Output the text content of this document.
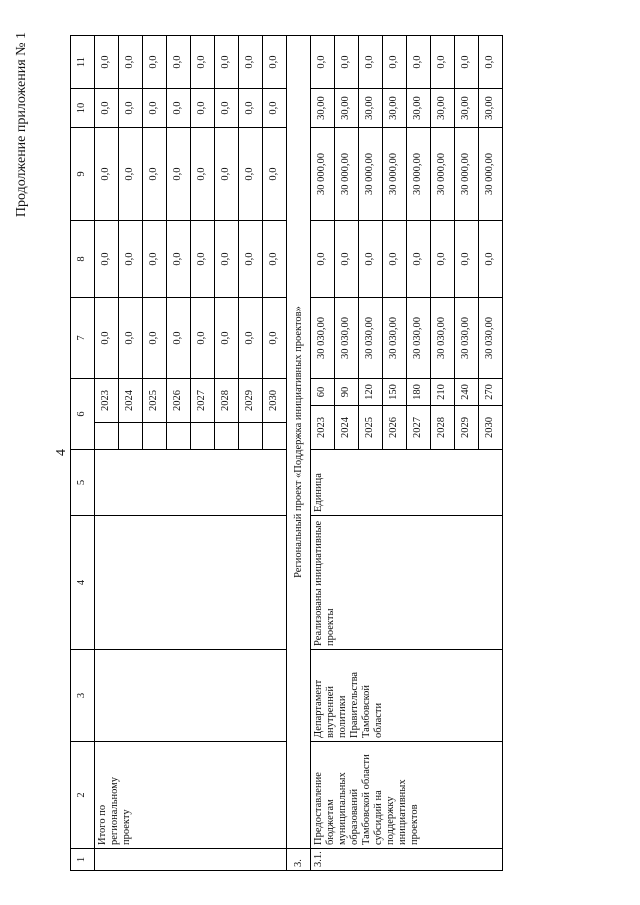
4
Продолжение приложения № 1
1
2
3
4
5
6
7
8
9
10
11
Итого по региональному проекту
2023
0,0
0,0
0,0
0,0
0,0
2024
0,0
0,0
0,0
0,0
0,0
2025
0,0
0,0
0,0
0,0
0,0
2026
0,0
0,0
0,0
0,0
0,0
2027
0,0
0,0
0,0
0,0
0,0
2028
0,0
0,0
0,0
0,0
0,0
2029
0,0
0,0
0,0
0,0
0,0
2030
0,0
0,0
0,0
0,0
0,0
3.
Региональный проект «Поддержка инициативных проектов»
3.1.
Предоставление бюджетам муниципальных образований Тамбовской области субсидий на поддержку инициативных проектов
Департамент внутренней политики Правительства Тамбовской области
Реализованы инициативные проекты
Единица
2023
60
30 030,00
0,0
30 000,00
30,00
0,0
2024
90
30 030,00
0,0
30 000,00
30,00
0,0
2025
120
30 030,00
0,0
30 000,00
30,00
0,0
2026
150
30 030,00
0,0
30 000,00
30,00
0,0
2027
180
30 030,00
0,0
30 000,00
30,00
0,0
2028
210
30 030,00
0,0
30 000,00
30,00
0,0
2029
240
30 030,00
0,0
30 000,00
30,00
0,0
2030
270
30 030,00
0,0
30 000,00
30,00
0,0
